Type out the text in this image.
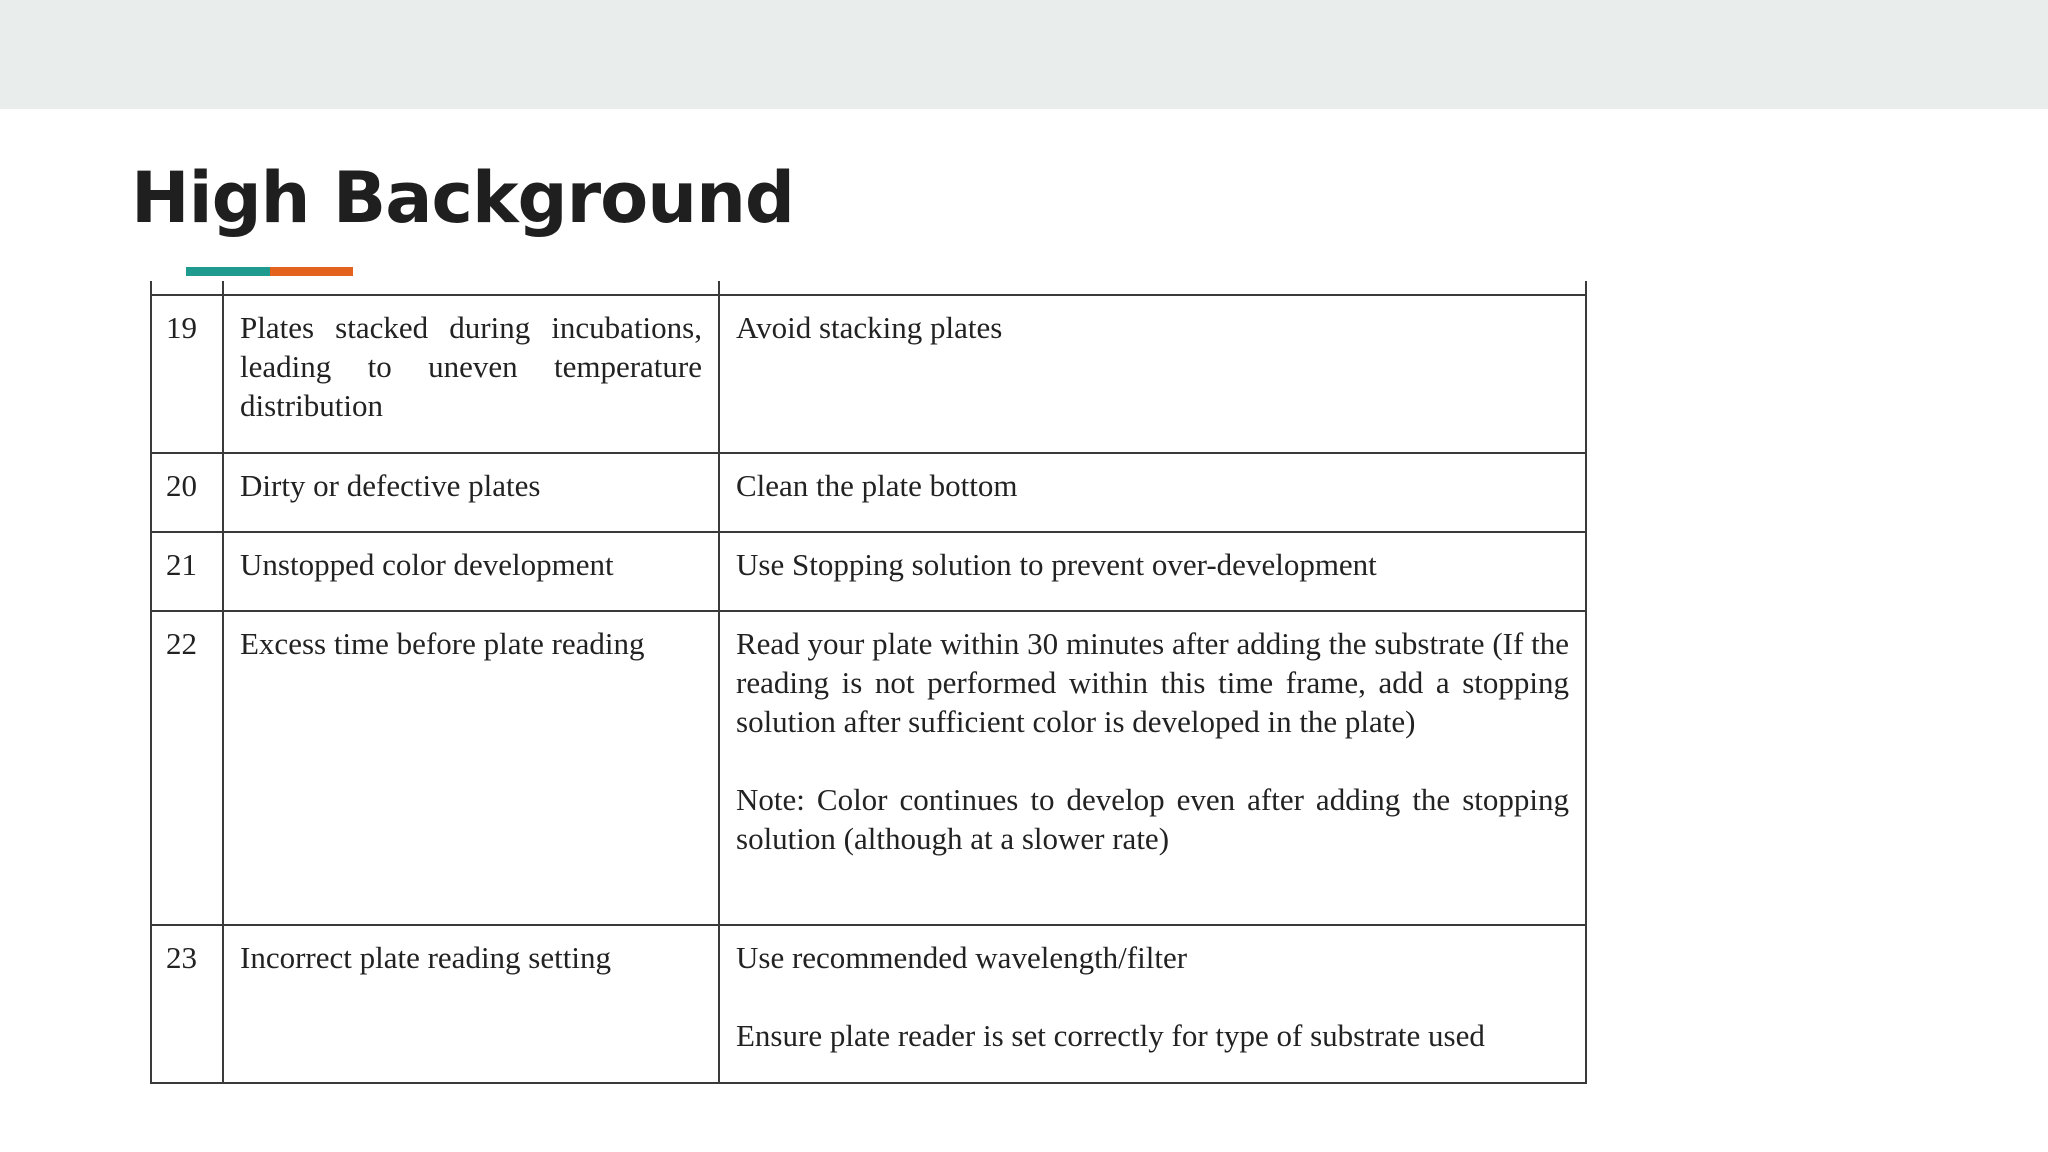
High Background

19	Plates stacked during incubations, leading to uneven temperature distribution	Avoid stacking plates

20	Dirty or defective plates	Clean the plate bottom

21	Unstopped color development	Use Stopping solution to prevent over-development

22	Excess time before plate reading	Read your plate within 30 minutes after adding the substrate (If the reading is not performed within this time frame, add a stopping solution after sufficient color is developed in the plate)
Note: Color continues to develop even after adding the stopping solution (although at a slower rate)

23	Incorrect plate reading setting	Use recommended wavelength/filter
Ensure plate reader is set correctly for type of substrate used
